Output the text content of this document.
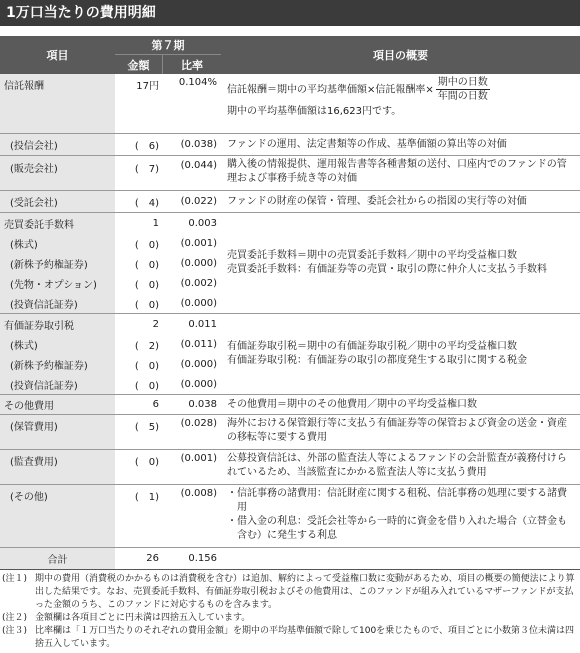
1万口当たりの費用明細
項目
第７期
金額	比率
項目の概要
信託報酬	17円	0.104%

信託報酬＝期中の平均基準価額×信託報酬率× $\frac{\text{期中の日数}}{\text{年間の日数}}$

期中の平均基準価額は16,623円です。

(投信会社)	(　6)	(0.038)	ファンドの運用、法定書類等の作成、基準価額の算出等の対価
(販売会社)	(　7)	(0.044)	購入後の情報提供、運用報告書等各種書類の送付、口座内でのファンドの管理および事務手続き等の対価
(受託会社)	(　4)	(0.022)	ファンドの財産の保管・管理、委託会社からの指図の実行等の対価
売買委託手数料	1	0.003
(株式)	(　0)	(0.001)
(新株予約権証券)	(　0)	(0.000)
(先物・オプション)	(　0)	(0.002)
(投資信託証券)	(　0)	(0.000)

売買委託手数料＝期中の売買委託手数料／期中の平均受益権口数

売買委託手数料：有価証券等の売買・取引の際に仲介人に支払う手数料

有価証券取引税	2	0.011
(株式)	(　2)	(0.011)
(新株予約権証券)	(　0)	(0.000)
(投資信託証券)	(　0)	(0.000)

有価証券取引税＝期中の有価証券取引税／期中の平均受益権口数

有価証券取引税：有価証券の取引の都度発生する取引に関する税金

その他費用	6	0.038	その他費用＝期中のその他費用／期中の平均受益権口数
(保管費用)	(　5)	(0.028)	海外における保管銀行等に支払う有価証券等の保管および資金の送金・資産の移転等に要する費用
(監査費用)	(　0)	(0.001)	公募投資信託は、外部の監査法人等によるファンドの会計監査が義務付けられているため、当該監査にかかる監査法人等に支払う費用
(その他)	(　1)	(0.008)	・ 信託事務の諸費用：信託財産に関する租税、信託事務の処理に要する諸費用
・ 借入金の利息：受託会社等から一時的に資金を借り入れた場合（立替金も含む）に発生する利息
合計	26	0.156
(注１) 期中の費用（消費税のかかるものは消費税を含む）は追加、解約によって受益権口数に変動があるため、項目の概要の簡便法により算出した結果です。なお、売買委託手数料、有価証券取引税およびその他費用は、このファンドが組み入れているマザーファンドが支払った金額のうち、このファンドに対応するものを含みます。
(注２) 金額欄は各項目ごとに円未満は四捨五入しています。
(注３) 比率欄は「１万口当たりのそれぞれの費用金額」を期中の平均基準価額で除して100を乗じたもので、項目ごとに小数第３位未満は四捨五入しています。
